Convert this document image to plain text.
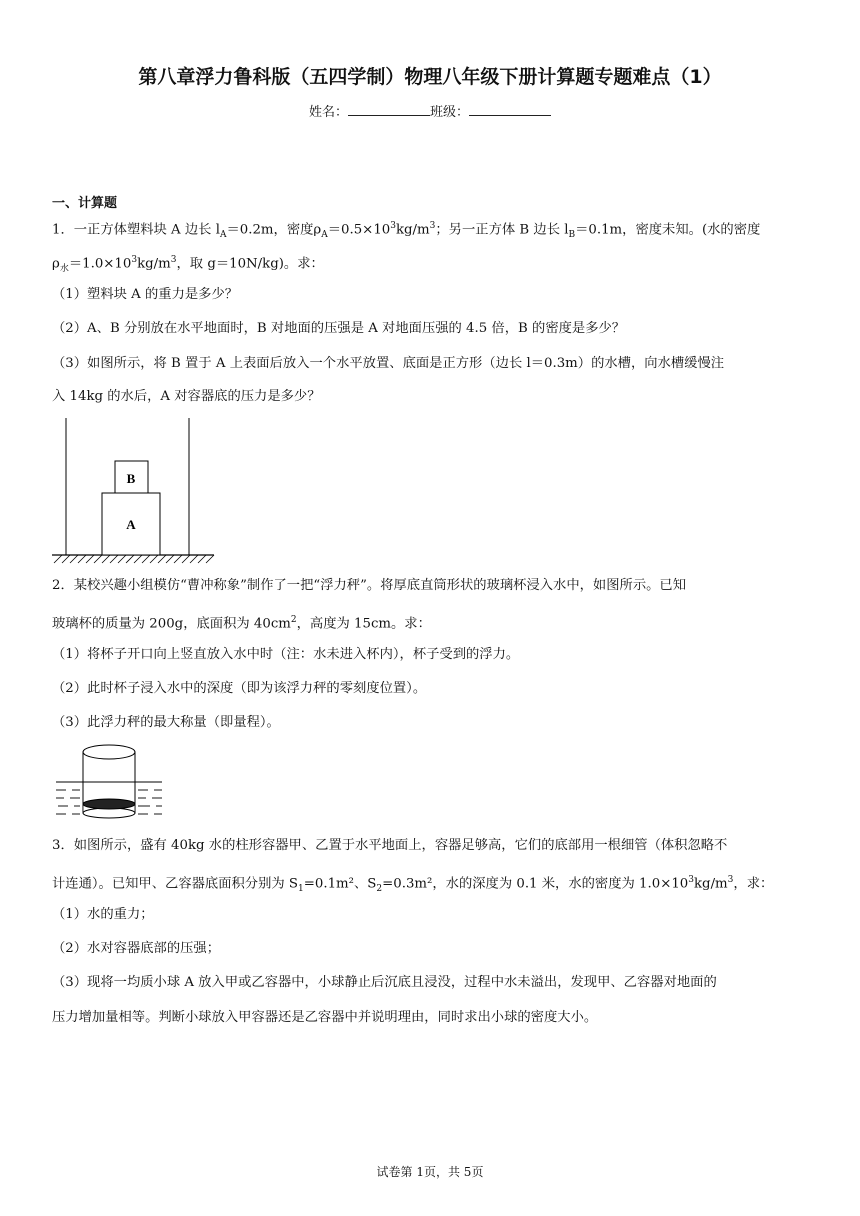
第八章浮力鲁科版（五四学制）物理八年级下册计算题专题难点（1）
姓名：	班级：
一、计算题
1．一正方体塑料块 A 边长 $l_A=0.2m$，密度$\rho_A=0.5\times 10^3kg/m^3$；另一正方体 B 边长 $l_B=0.1m$，密度未知。(水的密度
$\rho_水=1.0\times 10^3kg/m^3$，取 g＝10N/kg)。求：
（1）塑料块 A 的重力是多少？
（2）A、B 分别放在水平地面时，B 对地面的压强是 A 对地面压强的 4.5 倍，B 的密度是多少？
（3）如图所示，将 B 置于 A 上表面后放入一个水平放置、底面是正方形（边长 l＝0.3m）的水槽，向水槽缓慢注
入 14kg 的水后，A 对容器底的压力是多少？
B
A
2．某校兴趣小组模仿“曹冲称象”制作了一把“浮力秤”。将厚底直筒形状的玻璃杯浸入水中，如图所示。已知
玻璃杯的质量为 200g，底面积为 $40cm^2$，高度为 15cm。求：
（1）将杯子开口向上竖直放入水中时（注：水未进入杯内），杯子受到的浮力。
（2）此时杯子浸入水中的深度（即为该浮力秤的零刻度位置）。
（3）此浮力秤的最大称量（即量程）。
3．如图所示，盛有 40kg 水的柱形容器甲、乙置于水平地面上，容器足够高，它们的底部用一根细管（体积忽略不
计连通）。已知甲、乙容器底面积分别为 $S_1=0.1m^2$、$S_2=0.3m^2$，水的深度为 0.1 米，水的密度为 $1.0\times 10^3kg/m^3$，求：
（1）水的重力；
（2）水对容器底部的压强；
（3）现将一均质小球 A 放入甲或乙容器中，小球静止后沉底且浸没，过程中水未溢出，发现甲、乙容器对地面的
压力增加量相等。判断小球放入甲容器还是乙容器中并说明理由，同时求出小球的密度大小。
试卷第 1页，共 5页
